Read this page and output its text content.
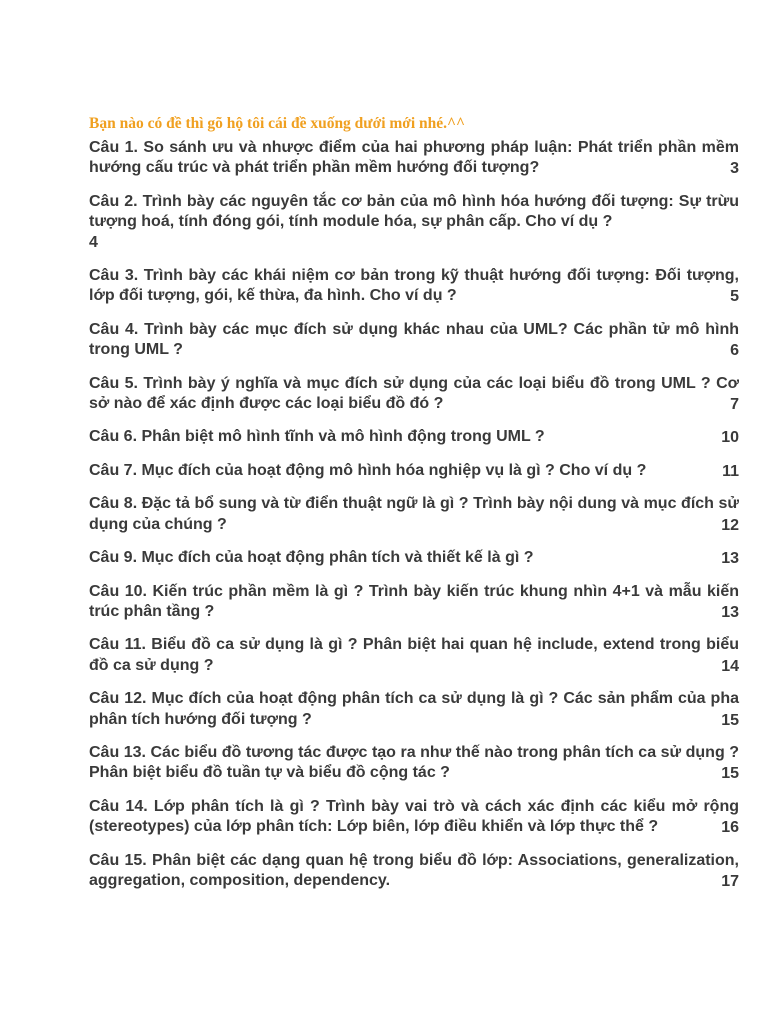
Bạn nào có đề thì gõ hộ tôi cái đề xuống dưới mới nhé.^^

Câu 1. So sánh ưu và nhược điểm của hai phương pháp luận: Phát triển phần mềm hướng cấu trúc và phát triển phần mềm hướng đối tượng?	3
Câu 2. Trình bày các nguyên tắc cơ bản của mô hình hóa hướng đối tượng: Sự trừu tượng hoá, tính đóng gói, tính module hóa, sự phân cấp. Cho ví dụ ?
4
Câu 3. Trình bày các khái niệm cơ bản trong kỹ thuật hướng đối tượng: Đối tượng, lớp đối tượng, gói, kế thừa, đa hình. Cho ví dụ ?	5
Câu 4. Trình bày các mục đích sử dụng khác nhau của UML? Các phần tử mô hình trong UML ?	6
Câu 5. Trình bày ý nghĩa và mục đích sử dụng của các loại biểu đồ trong UML ? Cơ sở nào để xác định được các loại biểu đồ đó ?	7
Câu 6. Phân biệt mô hình tĩnh và mô hình động trong UML ?	10
Câu 7. Mục đích của hoạt động mô hình hóa nghiệp vụ là gì ? Cho ví dụ ?	11
Câu 8. Đặc tả bổ sung và từ điển thuật ngữ là gì ? Trình bày nội dung và mục đích sử dụng của chúng ?	12
Câu 9. Mục đích của hoạt động phân tích và thiết kế là gì ?	13
Câu 10. Kiến trúc phần mềm là gì ? Trình bày kiến trúc khung nhìn 4+1 và mẫu kiến trúc phân tầng ?	13
Câu 11. Biểu đồ ca sử dụng là gì ? Phân biệt hai quan hệ include, extend trong biểu đồ ca sử dụng ?	14
Câu 12. Mục đích của hoạt động phân tích ca sử dụng là gì ? Các sản phẩm của pha phân tích hướng đối tượng ?	15
Câu 13. Các biểu đồ tương tác được tạo ra như thế nào trong phân tích ca sử dụng ? Phân biệt biểu đồ tuần tự và biểu đồ cộng tác ?	15
Câu 14. Lớp phân tích là gì ? Trình bày vai trò và cách xác định các kiểu mở rộng (stereotypes) của lớp phân tích: Lớp biên, lớp điều khiển và lớp thực thể ?	16
Câu 15. Phân biệt các dạng quan hệ trong biểu đồ lớp: Associations, generalization, aggregation, composition, dependency.	17
